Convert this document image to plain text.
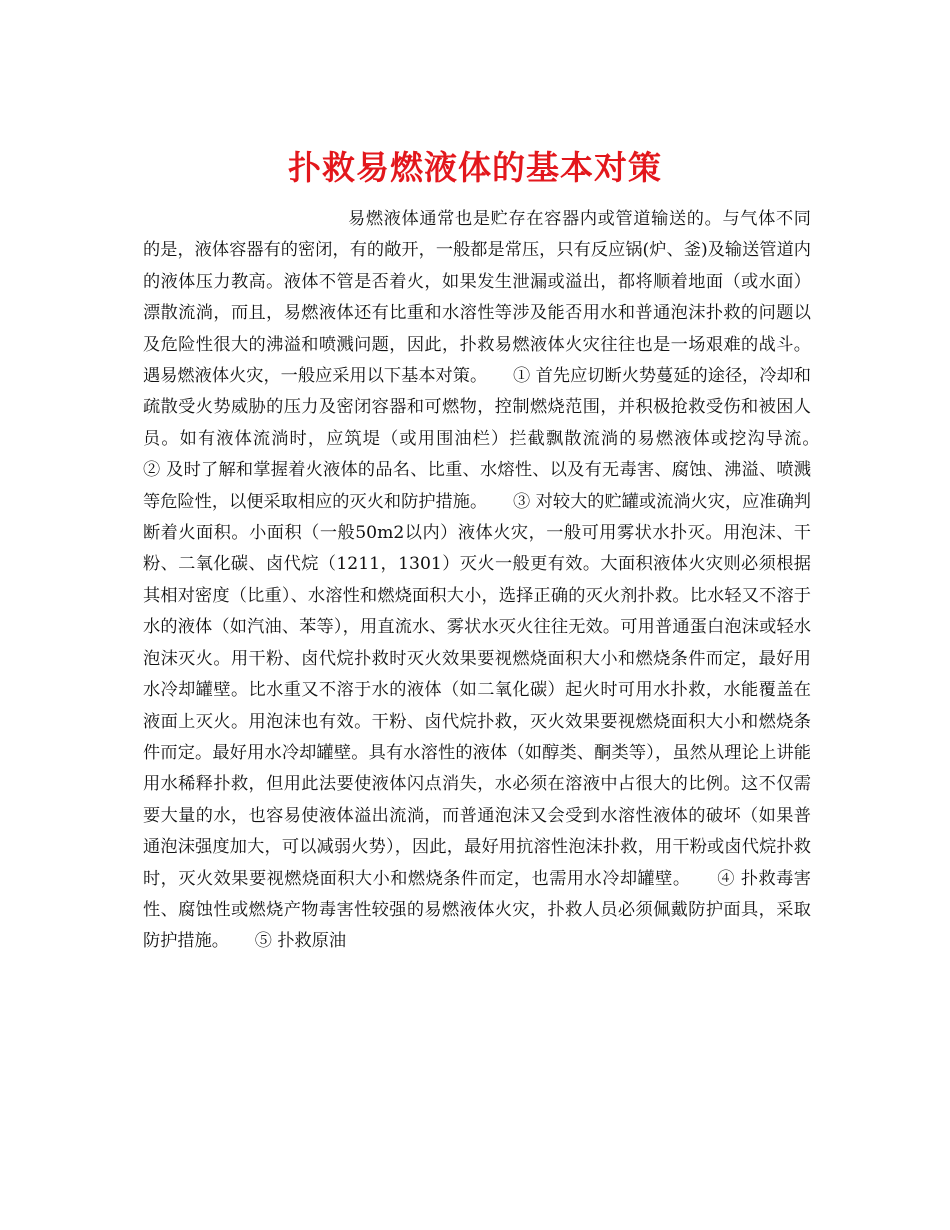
扑救易燃液体的基本对策

易燃液体通常也是贮存在容器内或管道输送的。与气体不同的是，液体容器有的密闭，有的敞开，一般都是常压，只有反应锅(炉、釜)及输送管道内的液体压力教高。液体不管是否着火，如果发生泄漏或溢出，都将顺着地面（或水面）漂散流淌，而且，易燃液体还有比重和水溶性等涉及能否用水和普通泡沫扑救的问题以及危险性很大的沸溢和喷溅问题，因此，扑救易燃液体火灾往往也是一场艰难的战斗。遇易燃液体火灾，一般应采用以下基本对策。　　① 首先应切断火势蔓延的途径，冷却和疏散受火势威胁的压力及密闭容器和可燃物，控制燃烧范围，并积极抢救受伤和被困人员。如有液体流淌时，应筑堤（或用围油栏）拦截飘散流淌的易燃液体或挖沟导流。　　② 及时了解和掌握着火液体的品名、比重、水熔性、以及有无毒害、腐蚀、沸溢、喷溅等危险性，以便采取相应的灭火和防护措施。　　③ 对较大的贮罐或流淌火灾，应准确判断着火面积。小面积（一般50m2以内）液体火灾，一般可用雾状水扑灭。用泡沫、干粉、二氧化碳、卤代烷（1211，1301）灭火一般更有效。大面积液体火灾则必须根据其相对密度（比重）、水溶性和燃烧面积大小，选择正确的灭火剂扑救。比水轻又不溶于水的液体（如汽油、苯等），用直流水、雾状水灭火往往无效。可用普通蛋白泡沫或轻水泡沫灭火。用干粉、卤代烷扑救时灭火效果要视燃烧面积大小和燃烧条件而定，最好用水冷却罐壁。比水重又不溶于水的液体（如二氧化碳）起火时可用水扑救，水能覆盖在液面上灭火。用泡沫也有效。干粉、卤代烷扑救，灭火效果要视燃烧面积大小和燃烧条件而定。最好用水冷却罐壁。具有水溶性的液体（如醇类、酮类等），虽然从理论上讲能用水稀释扑救，但用此法要使液体闪点消失，水必须在溶液中占很大的比例。这不仅需要大量的水，也容易使液体溢出流淌，而普通泡沫又会受到水溶性液体的破坏（如果普通泡沫强度加大，可以减弱火势），因此，最好用抗溶性泡沫扑救，用干粉或卤代烷扑救时，灭火效果要视燃烧面积大小和燃烧条件而定，也需用水冷却罐壁。　　④ 扑救毒害性、腐蚀性或燃烧产物毒害性较强的易燃液体火灾，扑救人员必须佩戴防护面具，采取防护措施。　　⑤ 扑救原油
